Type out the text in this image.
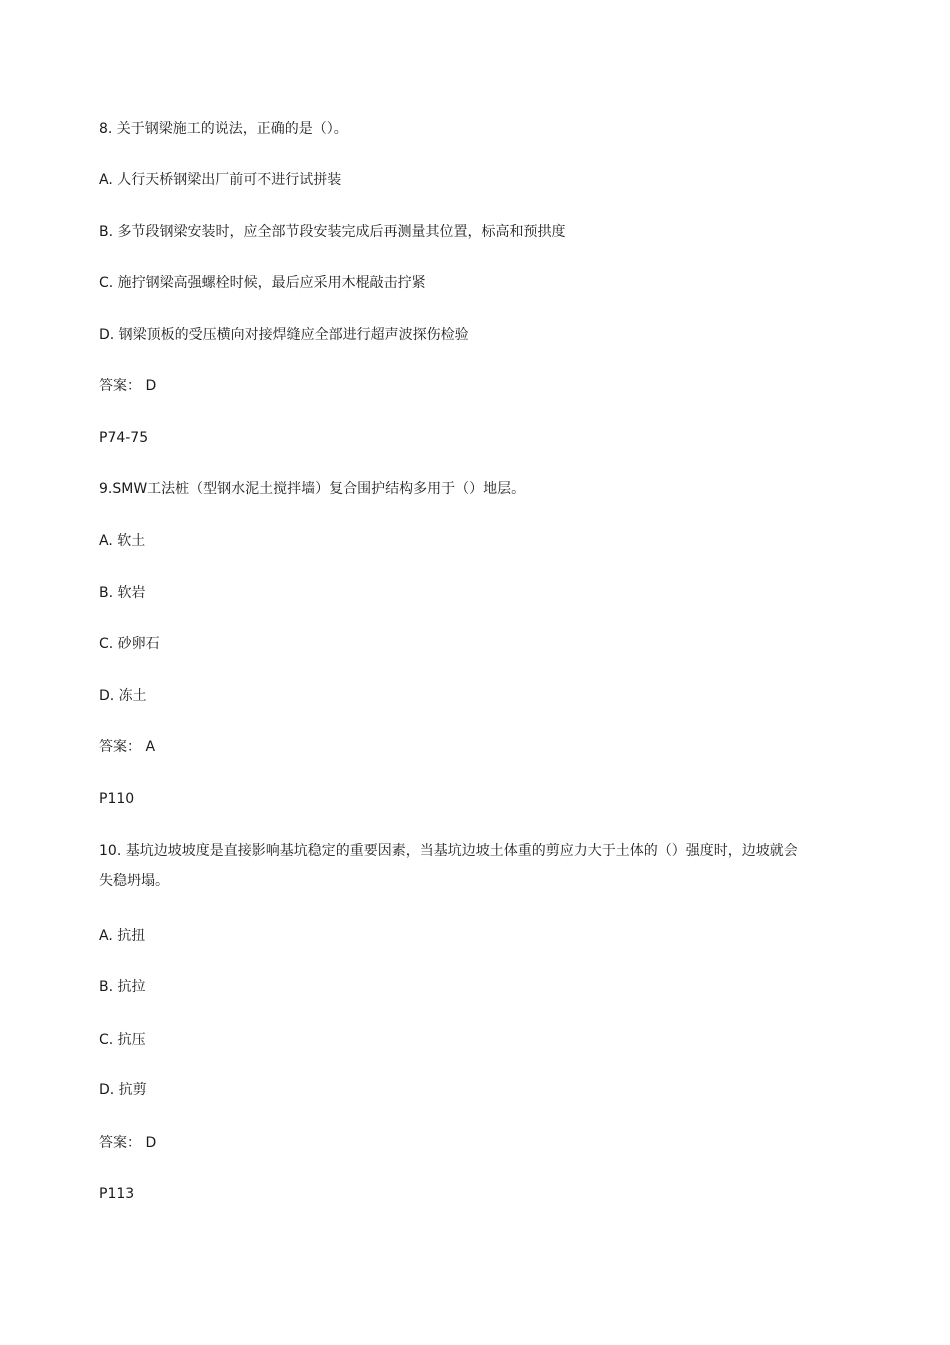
8. 关于钢梁施工的说法，正确的是（）。
A. 人行天桥钢梁出厂前可不进行试拼装
B. 多节段钢梁安装时，应全部节段安装完成后再测量其位置，标高和预拱度
C. 施拧钢梁高强螺栓时候，最后应采用木棍敲击拧紧
D. 钢梁顶板的受压横向对接焊缝应全部进行超声波探伤检验
答案： D
P74-75
9.SMW工法桩（型钢水泥土搅拌墙）复合围护结构多用于（）地层。
A. 软土
B. 软岩
C. 砂卵石
D. 冻土
答案： A
P110
10. 基坑边坡坡度是直接影响基坑稳定的重要因素，当基坑边坡土体重的剪应力大于土体的（）强度时，边坡就会失稳坍塌。
A. 抗扭
B. 抗拉
C. 抗压
D. 抗剪
答案： D
P113
